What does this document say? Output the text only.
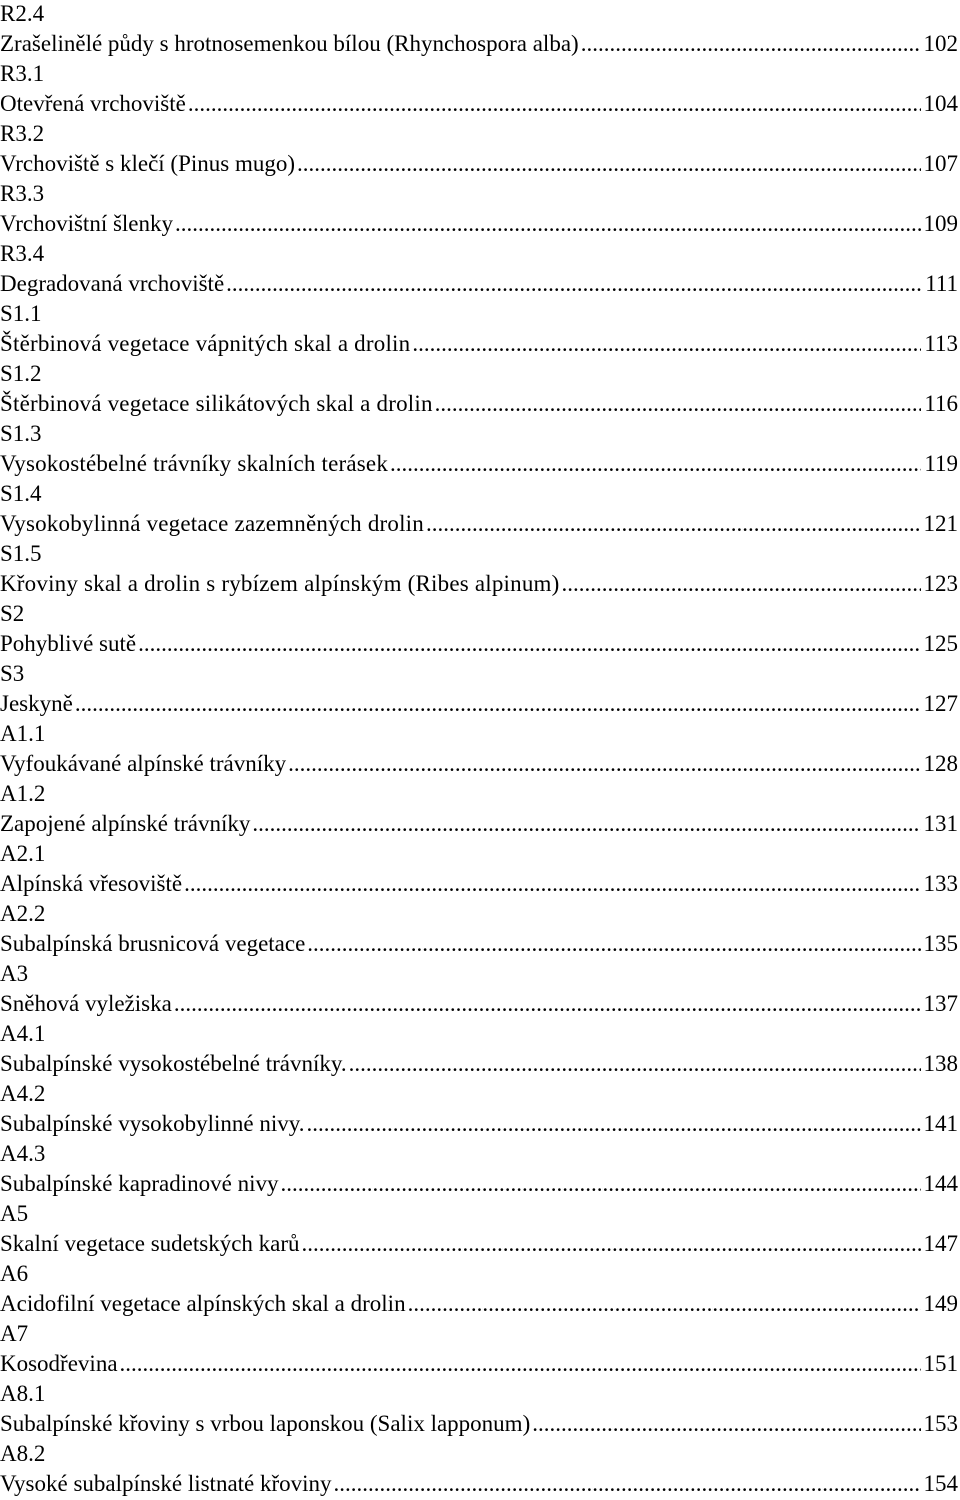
R2.4
Zrašelinělé půdy s hrotnosemenkou bílou (Rhynchospora alba) .....	102
R3.1
Otevřená vrchoviště .....	104
R3.2
Vrchoviště s klečí (Pinus mugo) .....	107
R3.3
Vrchovištní šlenky .....	109
R3.4
Degradovaná vrchoviště .....	111
S1.1
Štěrbinová vegetace vápnitých skal a drolin .....	113
S1.2
Štěrbinová vegetace silikátových skal a drolin .....	116
S1.3
Vysokostébelné trávníky skalních terásek .....	119
S1.4
Vysokobylinná vegetace zazemněných drolin .....	121
S1.5
Křoviny skal a drolin s rybízem alpínským (Ribes alpinum) .....	123
S2
Pohyblivé sutě .....	125
S3
Jeskyně .....	127
A1.1
Vyfoukávané alpínské trávníky .....	128
A1.2
Zapojené alpínské trávníky .....	131
A2.1
Alpínská vřesoviště .....	133
A2.2
Subalpínská brusnicová vegetace .....	135
A3
Sněhová vyležiska .....	137
A4.1
Subalpínské vysokostébelné trávníky. .....	138
A4.2
Subalpínské vysokobylinné nivy. .....	141
A4.3
Subalpínské kapradinové nivy .....	144
A5
Skalní vegetace sudetských karů .....	147
A6
Acidofilní vegetace alpínských skal a drolin .....	149
A7
Kosodřevina .....	151
A8.1
Subalpínské křoviny s vrbou laponskou (Salix lapponum) .....	153
A8.2
Vysoké subalpínské listnaté křoviny .....	154
